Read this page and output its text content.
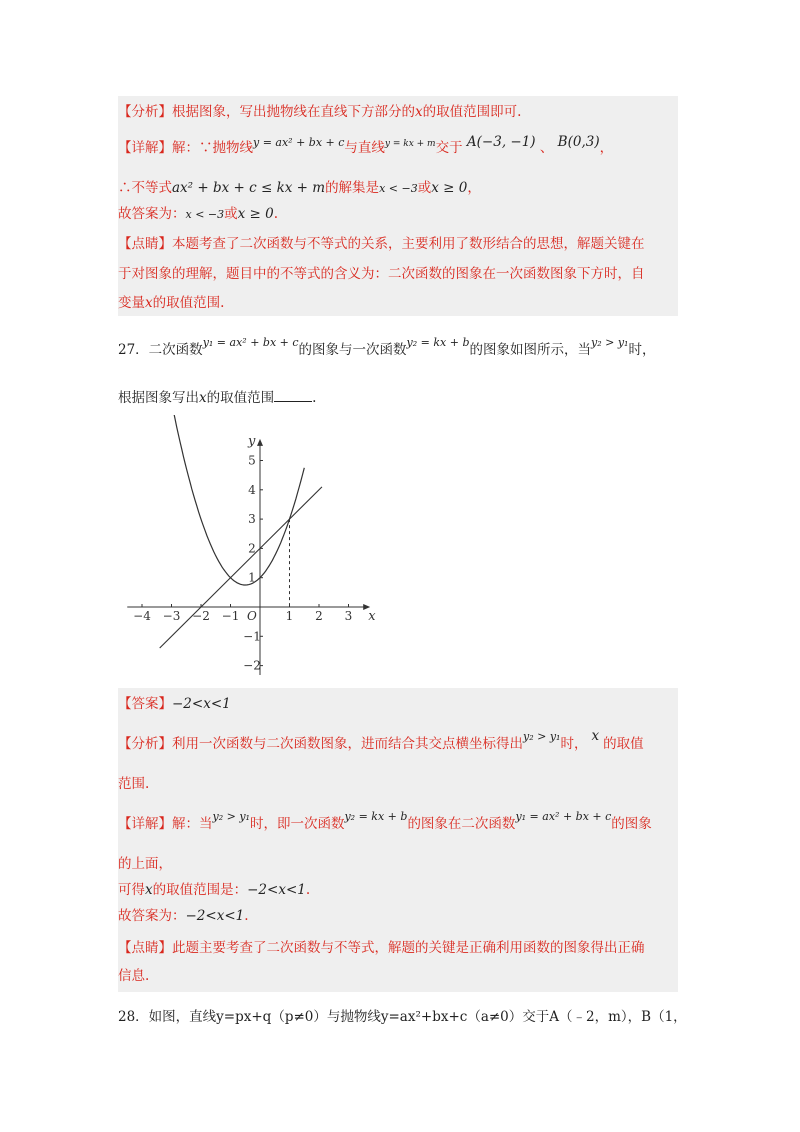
【分析】根据图象，写出抛物线在直线下方部分的x的取值范围即可.
【详解】解：∵抛物线$^{y = ax^2 + bx + c}$与直线$^{y = kx + m}$交于 A(−3, −1) 、 B(0,3)，
∴不等式ax² + bx + c ≤ kx + m的解集是x < −3或x ≥ 0，
故答案为：x < −3或x ≥ 0.
【点睛】本题考查了二次函数与不等式的关系，主要利用了数形结合的思想，解题关键在
于对图象的理解，题目中的不等式的含义为：二次函数的图象在一次函数图象下方时，自
变量x的取值范围.
27．二次函数$^{y_1 = ax^2 + bx + c}$的图象与一次函数$^{y_2 = kx + b}$的图象如图所示，当$^{y_2 > y_1}$时，
根据图象写出x的取值范围	.
−4 −3 −2 −1	1 2 3
−2
−1
1
2
3
4
5
x
y
O
【答案】−2<x<1
【分析】利用一次函数与二次函数图象，进而结合其交点横坐标得出$^{y_2 > y_1}$时， x 的取值
范围.
【详解】解：当$^{y_2 > y_1}$时，即一次函数$^{y_2 = kx + b}$的图象在二次函数$^{y_1 = ax^2 + bx + c}$的图象
的上面，
可得x的取值范围是：−2<x<1.
故答案为：−2<x<1.
【点睛】此题主要考查了二次函数与不等式，解题的关键是正确利用函数的图象得出正确
信息.
28．如图，直线y=px+q（p≠0）与抛物线y=ax²+bx+c（a≠0）交于A（﹣2，m），B（1，
